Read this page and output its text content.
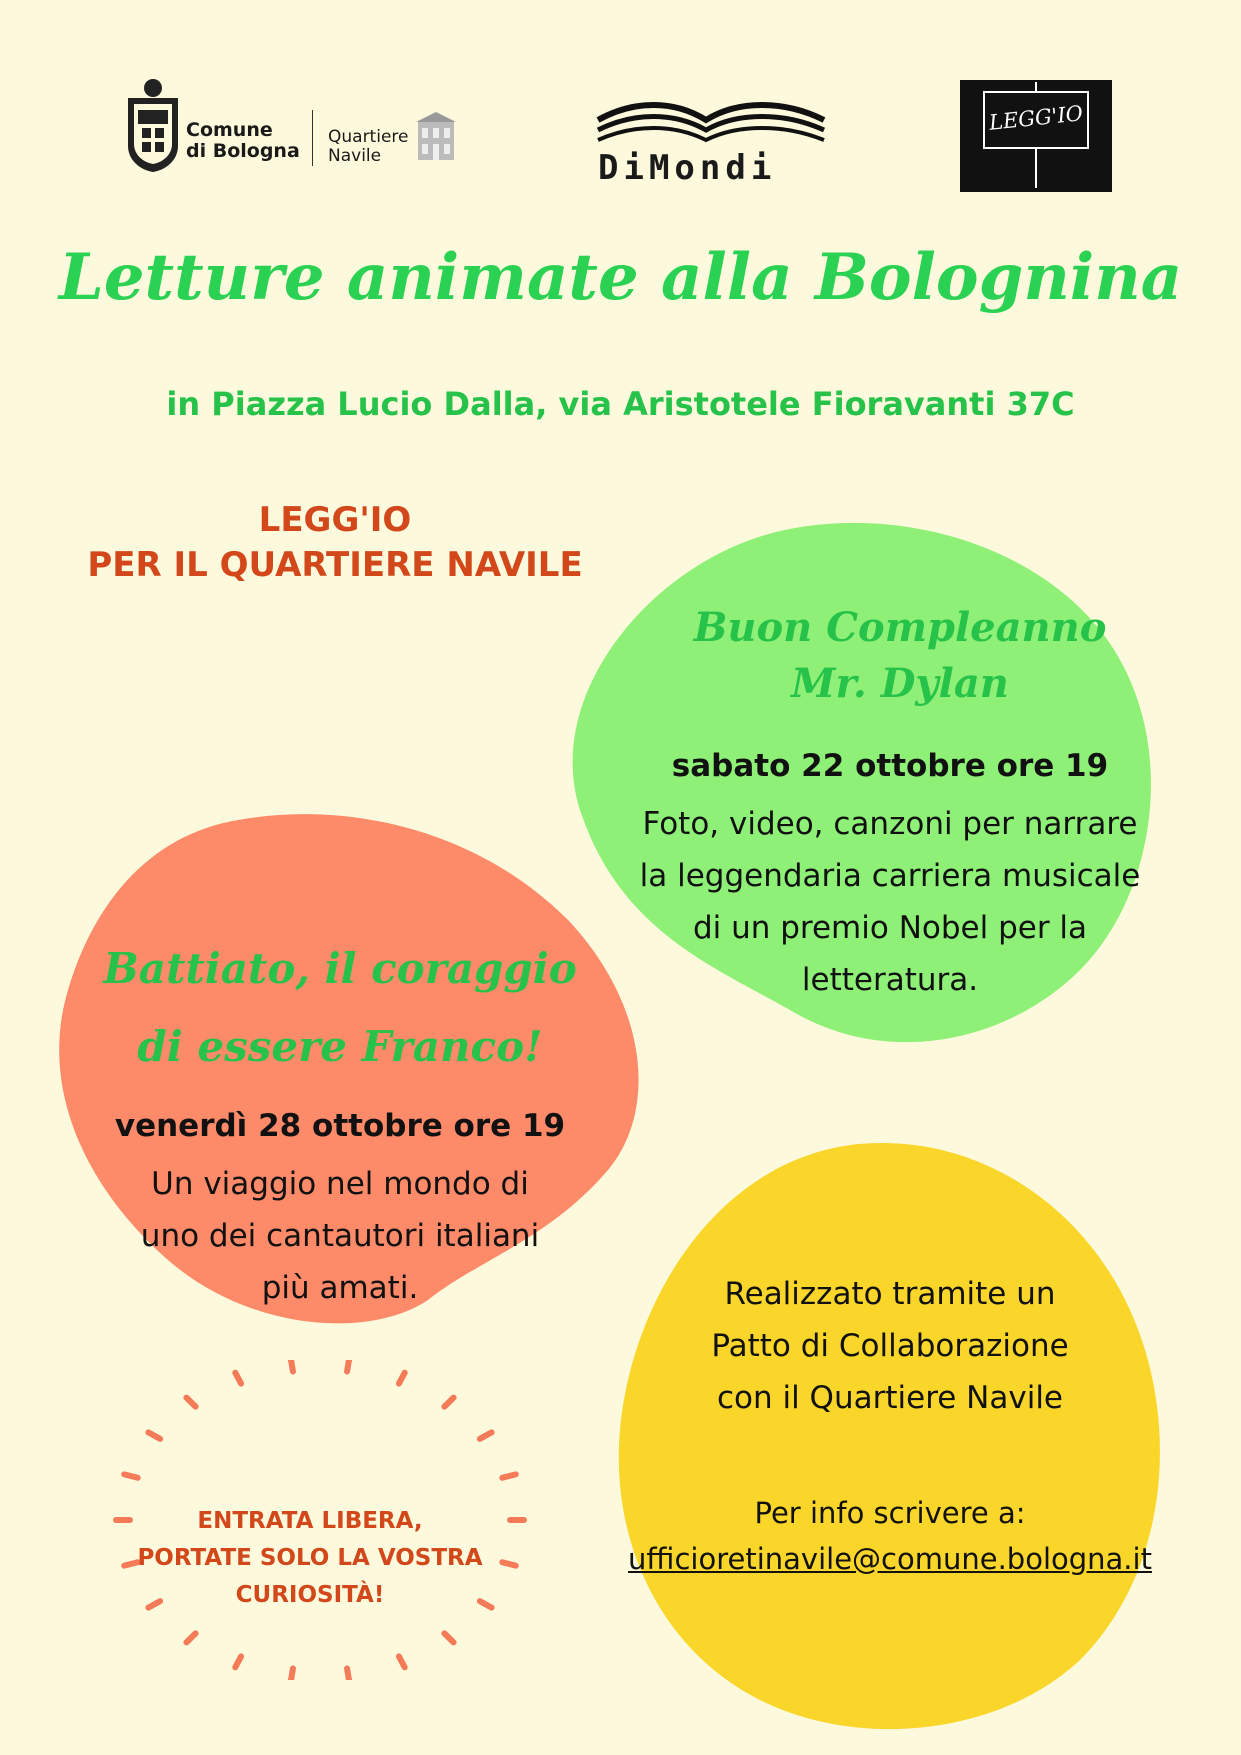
Comune
di Bologna
Quartiere
Navile	DiMondi
LEGG'IO
Letture animate alla Bolognina
in Piazza Lucio Dalla, via Aristotele Fioravanti 37C
LEGG'IO
PER IL QUARTIERE NAVILE
Buon Compleanno
Mr. Dylan
sabato 22 ottobre ore 19
Foto, video, canzoni per narrare
la leggendaria carriera musicale
di un premio Nobel per la
letteratura.
Battiato, il coraggio
di essere Franco!
venerdì 28 ottobre ore 19
Un viaggio nel mondo di
uno dei cantautori italiani
più amati.	Realizzato tramite un
Patto di Collaborazione
con il Quartiere Navile
Per info scrivere a:
ufficioretinavile@comune.bologna.it
ENTRATA LIBERA,
PORTATE SOLO LA VOSTRA
CURIOSITÀ!
